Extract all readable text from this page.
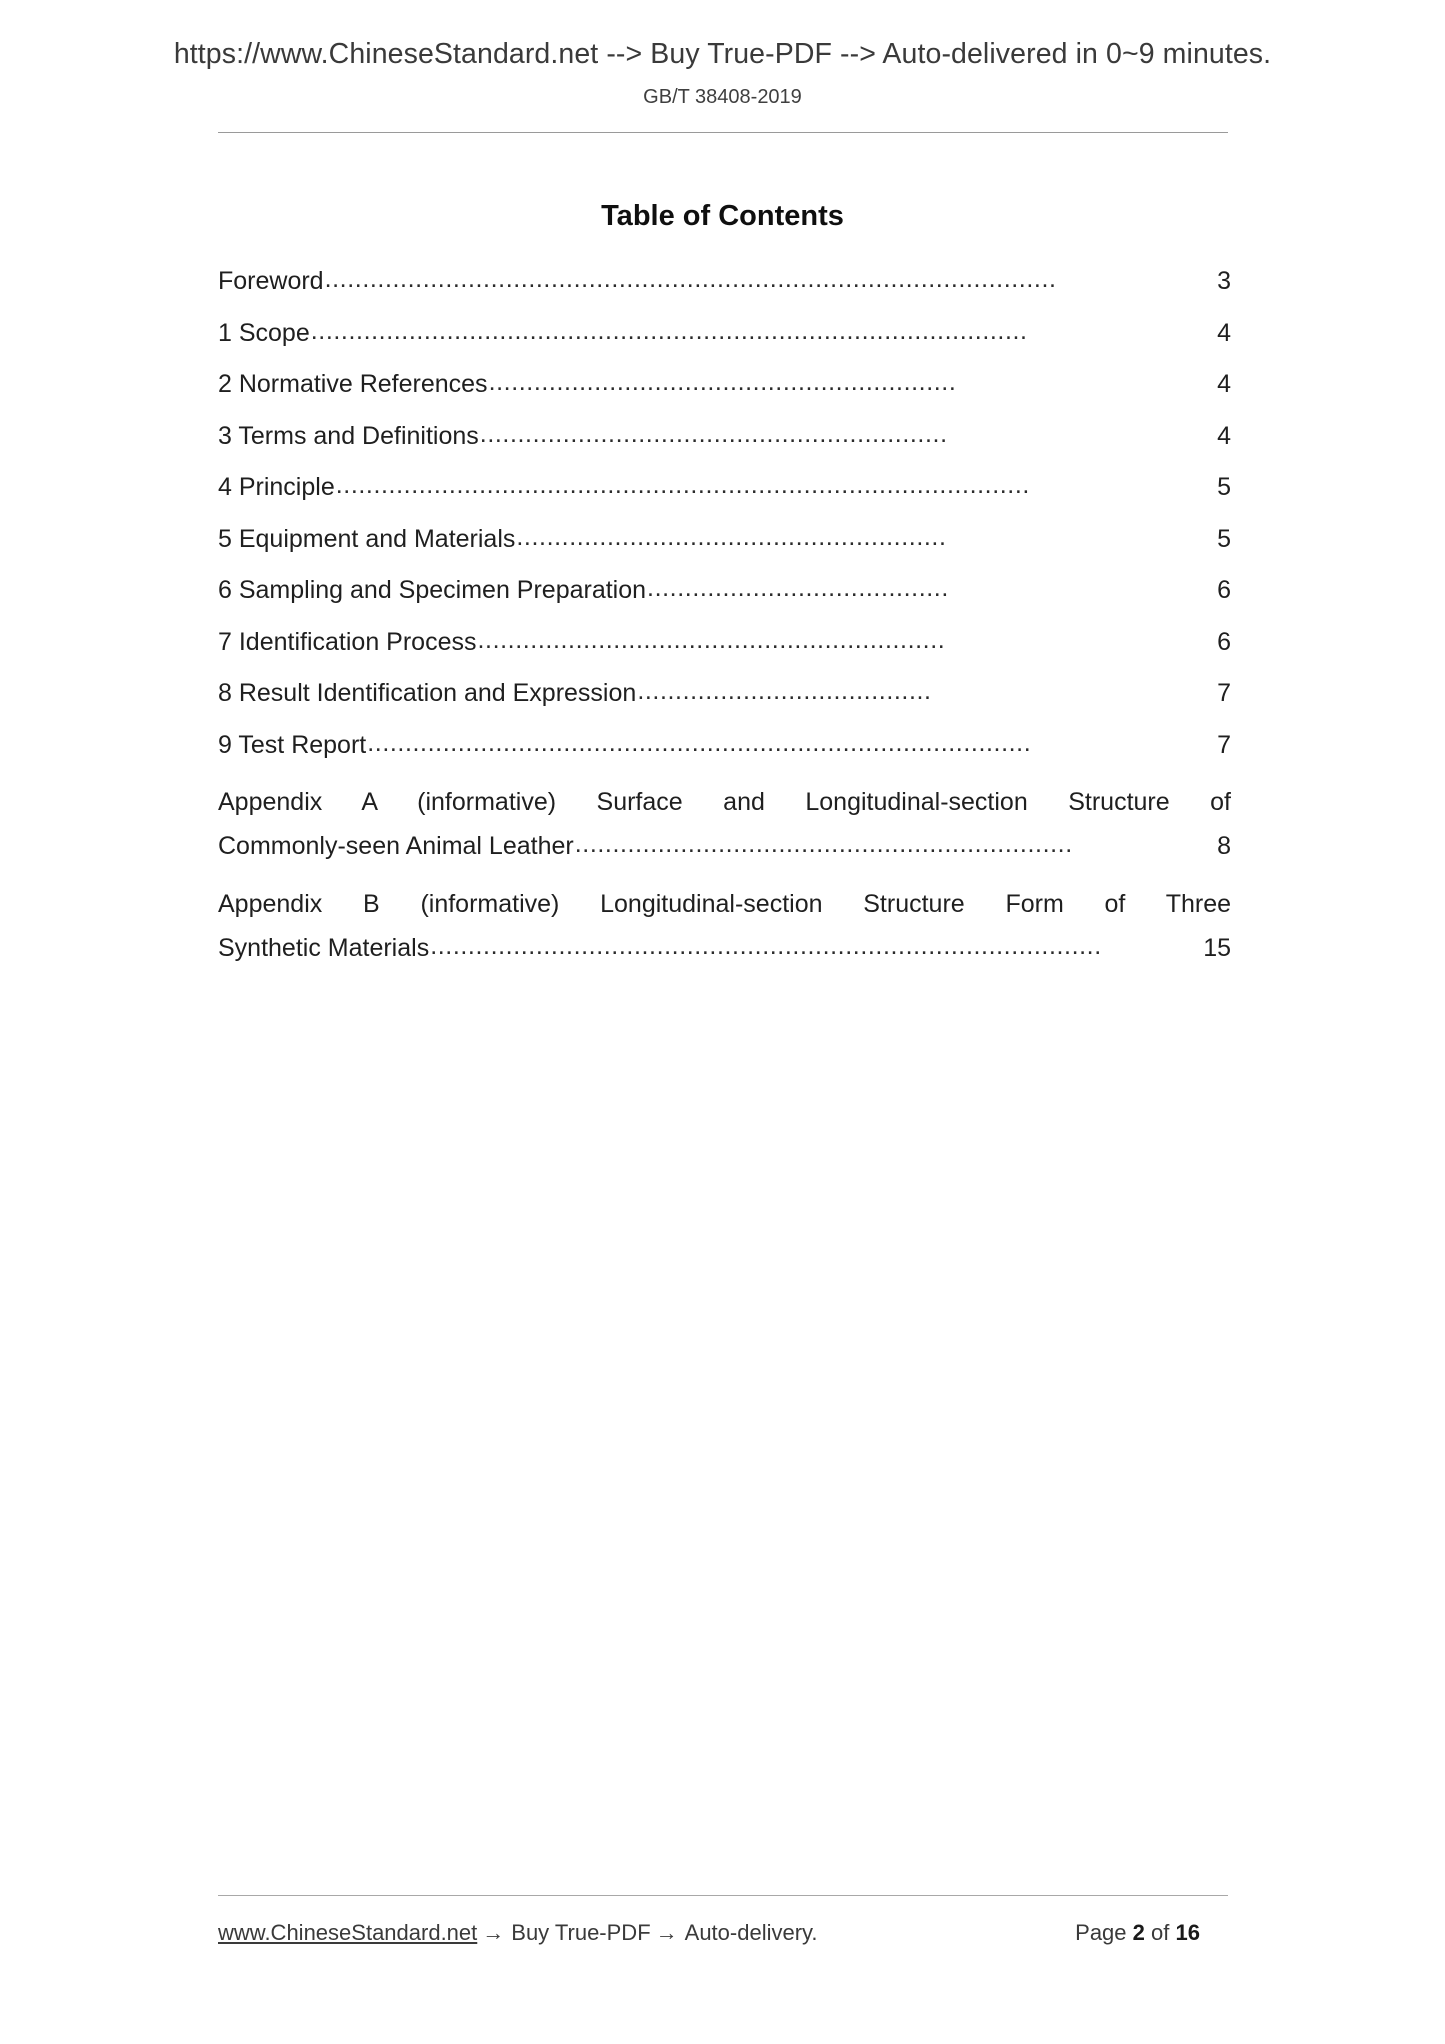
https://www.ChineseStandard.net --> Buy True-PDF --> Auto-delivered in 0~9 minutes.
GB/T 38408-2019
Table of Contents
Foreword .................................................................................................	3
1 Scope ...............................................................................................	4
2 Normative References ..............................................................	4
3 Terms and Definitions ..............................................................	4
4 Principle ............................................................................................	5
5 Equipment and Materials .........................................................	5
6 Sampling and Specimen Preparation ........................................	6
7 Identification Process ..............................................................	6
8 Result Identification and Expression .......................................	7
9 Test Report ........................................................................................	7
Appendix A (informative) Surface and Longitudinal-section Structure of
Commonly-seen Animal Leather ..................................................................	8
Appendix B (informative) Longitudinal-section Structure Form of Three
Synthetic Materials .........................................................................................	15
www.ChineseStandard.net → Buy True-PDF → Auto-delivery.	Page 2 of 16
